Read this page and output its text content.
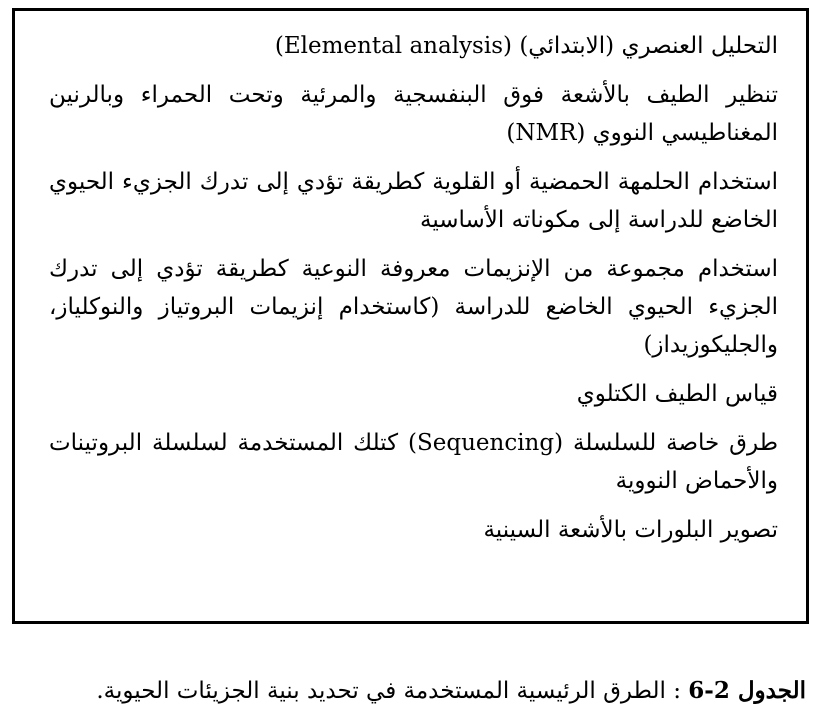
التحليل العنصري (الابتدائي) (Elemental analysis)

تنظير الطيف بالأشعة فوق البنفسجية والمرئية وتحت الحمراء وبالرنين المغناطيسي النووي (NMR)

استخدام الحلمهة الحمضية أو القلوية كطريقة تؤدي إلى تدرك الجزيء الحيوي الخاضع للدراسة إلى مكوناته الأساسية

استخدام مجموعة من الإنزيمات معروفة النوعية كطريقة تؤدي إلى تدرك الجزيء الحيوي الخاضع للدراسة (كاستخدام إنزيمات البروتياز والنوكلياز، والجليكوزيداز)

قياس الطيف الكتلوي

طرق خاصة للسلسلة (Sequencing) كتلك المستخدمة لسلسلة البروتينات والأحماض النووية

تصوير البلورات بالأشعة السينية

الجدول 2-6 : الطرق الرئيسية المستخدمة في تحديد بنية الجزيئات الحيوية.
